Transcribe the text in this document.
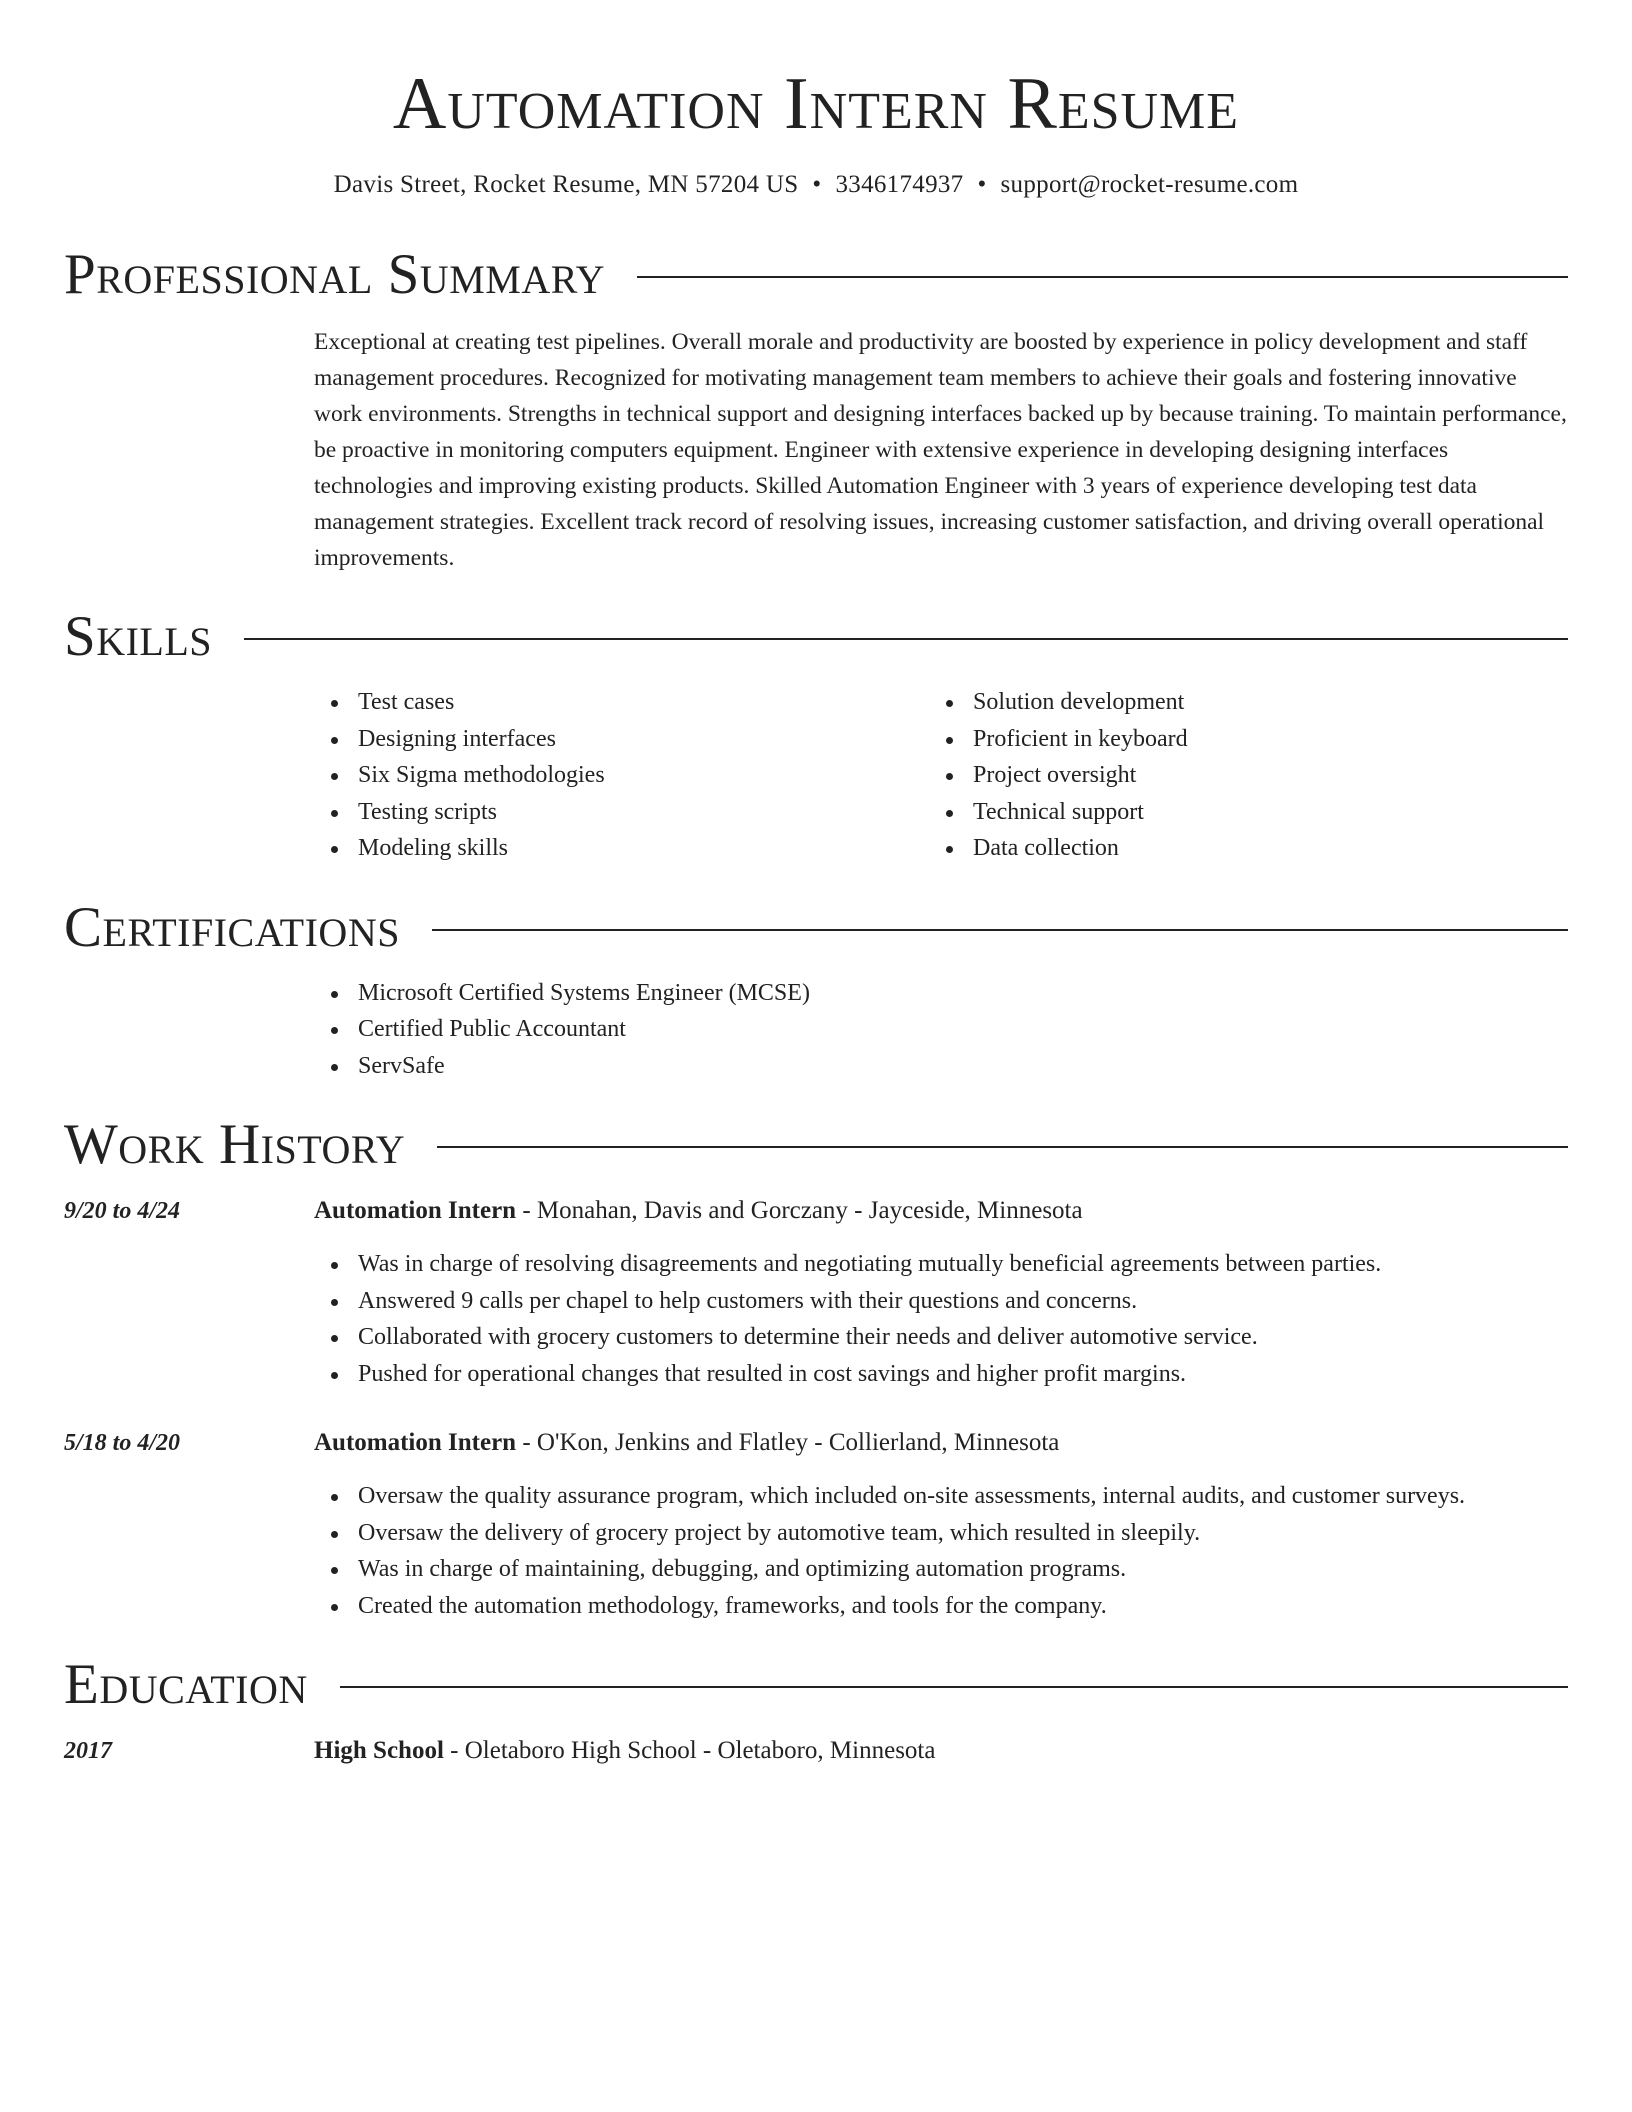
Automation Intern Resume
Davis Street, Rocket Resume, MN 57204 US • 3346174937 • support@rocket-resume.com
Professional Summary
Exceptional at creating test pipelines. Overall morale and productivity are boosted by experience in policy development and staff management procedures. Recognized for motivating management team members to achieve their goals and fostering innovative work environments. Strengths in technical support and designing interfaces backed up by because training. To maintain performance, be proactive in monitoring computers equipment. Engineer with extensive experience in developing designing interfaces technologies and improving existing products. Skilled Automation Engineer with 3 years of experience developing test data management strategies. Excellent track record of resolving issues, increasing customer satisfaction, and driving overall operational improvements.
Skills
Test cases
Designing interfaces
Six Sigma methodologies
Testing scripts
Modeling skills
Solution development
Proficient in keyboard
Project oversight
Technical support
Data collection
Certifications
Microsoft Certified Systems Engineer (MCSE)
Certified Public Accountant
ServSafe
Work History
9/20 to 4/24	Automation Intern - Monahan, Davis and Gorczany - Jayceside, Minnesota
Was in charge of resolving disagreements and negotiating mutually beneficial agreements between parties.
Answered 9 calls per chapel to help customers with their questions and concerns.
Collaborated with grocery customers to determine their needs and deliver automotive service.
Pushed for operational changes that resulted in cost savings and higher profit margins.
5/18 to 4/20	Automation Intern - O'Kon, Jenkins and Flatley - Collierland, Minnesota
Oversaw the quality assurance program, which included on-site assessments, internal audits, and customer surveys.
Oversaw the delivery of grocery project by automotive team, which resulted in sleepily.
Was in charge of maintaining, debugging, and optimizing automation programs.
Created the automation methodology, frameworks, and tools for the company.
Education
2017	High School - Oletaboro High School - Oletaboro, Minnesota
